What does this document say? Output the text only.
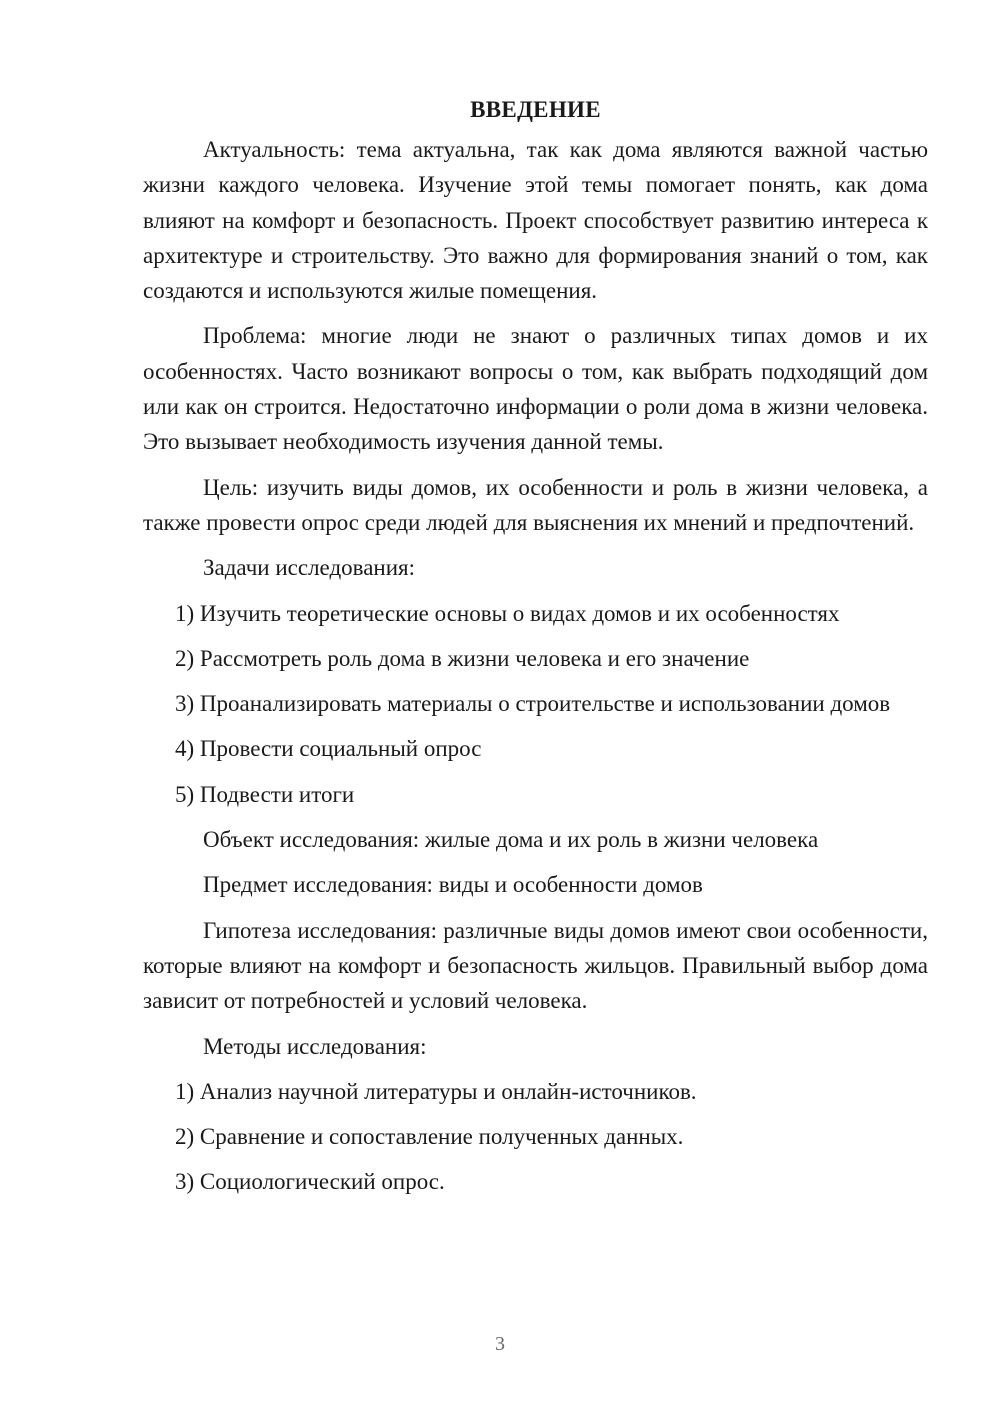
ВВЕДЕНИЕ

Актуальность: тема актуальна, так как дома являются важной частью жизни каждого человека. Изучение этой темы помогает понять, как дома влияют на комфорт и безопасность. Проект способствует развитию интереса к архитектуре и строительству. Это важно для формирования знаний о том, как создаются и используются жилые помещения.

Проблема: многие люди не знают о различных типах домов и их особенностях. Часто возникают вопросы о том, как выбрать подходящий дом или как он строится. Недостаточно информации о роли дома в жизни человека. Это вызывает необходимость изучения данной темы.

Цель: изучить виды домов, их особенности и роль в жизни человека, а также провести опрос среди людей для выяснения их мнений и предпочтений.

Задачи исследования:

1) Изучить теоретические основы о видах домов и их особенностях

2) Рассмотреть роль дома в жизни человека и его значение

3) Проанализировать материалы о строительстве и использовании домов

4) Провести социальный опрос

5) Подвести итоги

Объект исследования: жилые дома и их роль в жизни человека

Предмет исследования: виды и особенности домов

Гипотеза исследования: различные виды домов имеют свои особенности, которые влияют на комфорт и безопасность жильцов. Правильный выбор дома зависит от потребностей и условий человека.

Методы исследования:

1) Анализ научной литературы и онлайн-источников.

2) Сравнение и сопоставление полученных данных.

3) Социологический опрос.

3
